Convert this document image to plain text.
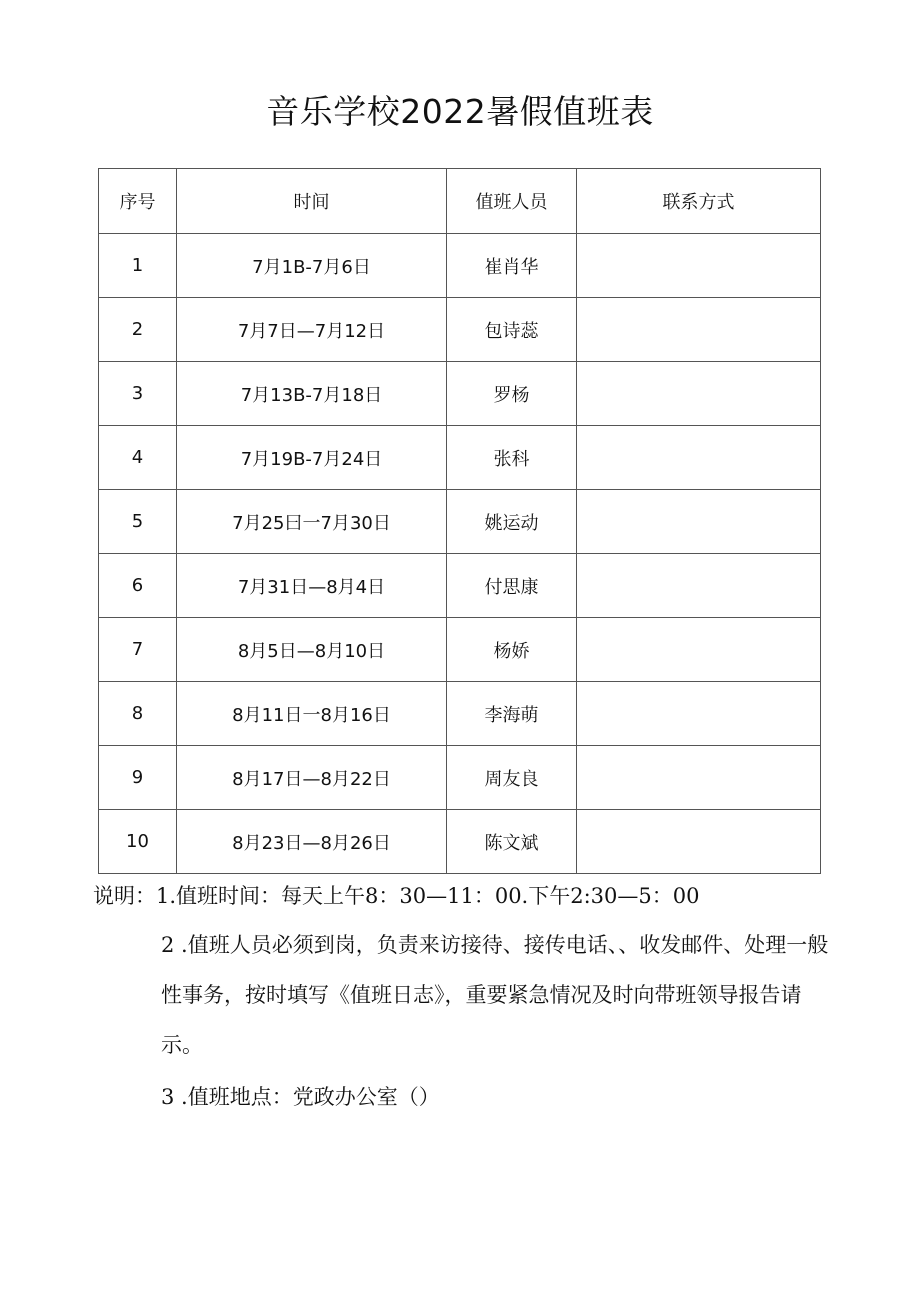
音乐学校2022暑假值班表
序号	时间	值班人员	联系方式
1	7月1B-7月6日	崔肖华	
2	7月7日—7月12日	包诗蕊	
3	7月13B-7月18日	罗杨	
4	7月19B-7月24日	张科	
5	7月25曰一7月30日	姚运动	
6	7月31日—8月4日	付思康	
7	8月5日—8月10日	杨娇	
8	8月11日一8月16日	李海萌	
9	8月17日—8月22日	周友良	
10	8月23日—8月26日	陈文斌	
说明：1.值班时间：每天上午8：30—11：00.下午2:30—5：00
2 .值班人员必须到岗，负责来访接待、接传电话、、收发邮件、处理一般性事务，按时填写《值班日志》，重要紧急情况及时向带班领导报告请示。
3 .值班地点：党政办公室（）
